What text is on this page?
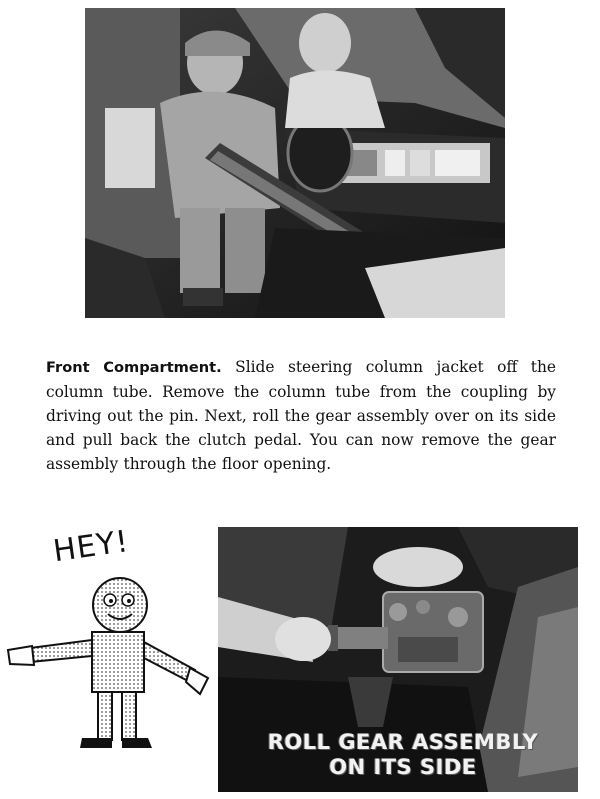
Front Compartment. Slide steering column jacket off the column tube. Remove the column tube from the coupling by driving out the pin. Next, roll the gear assembly over on its side and pull back the clutch pedal. You can now remove the gear assembly through the floor opening.

HEY!
ROLL GEAR ASSEMBLY
ON ITS SIDE
